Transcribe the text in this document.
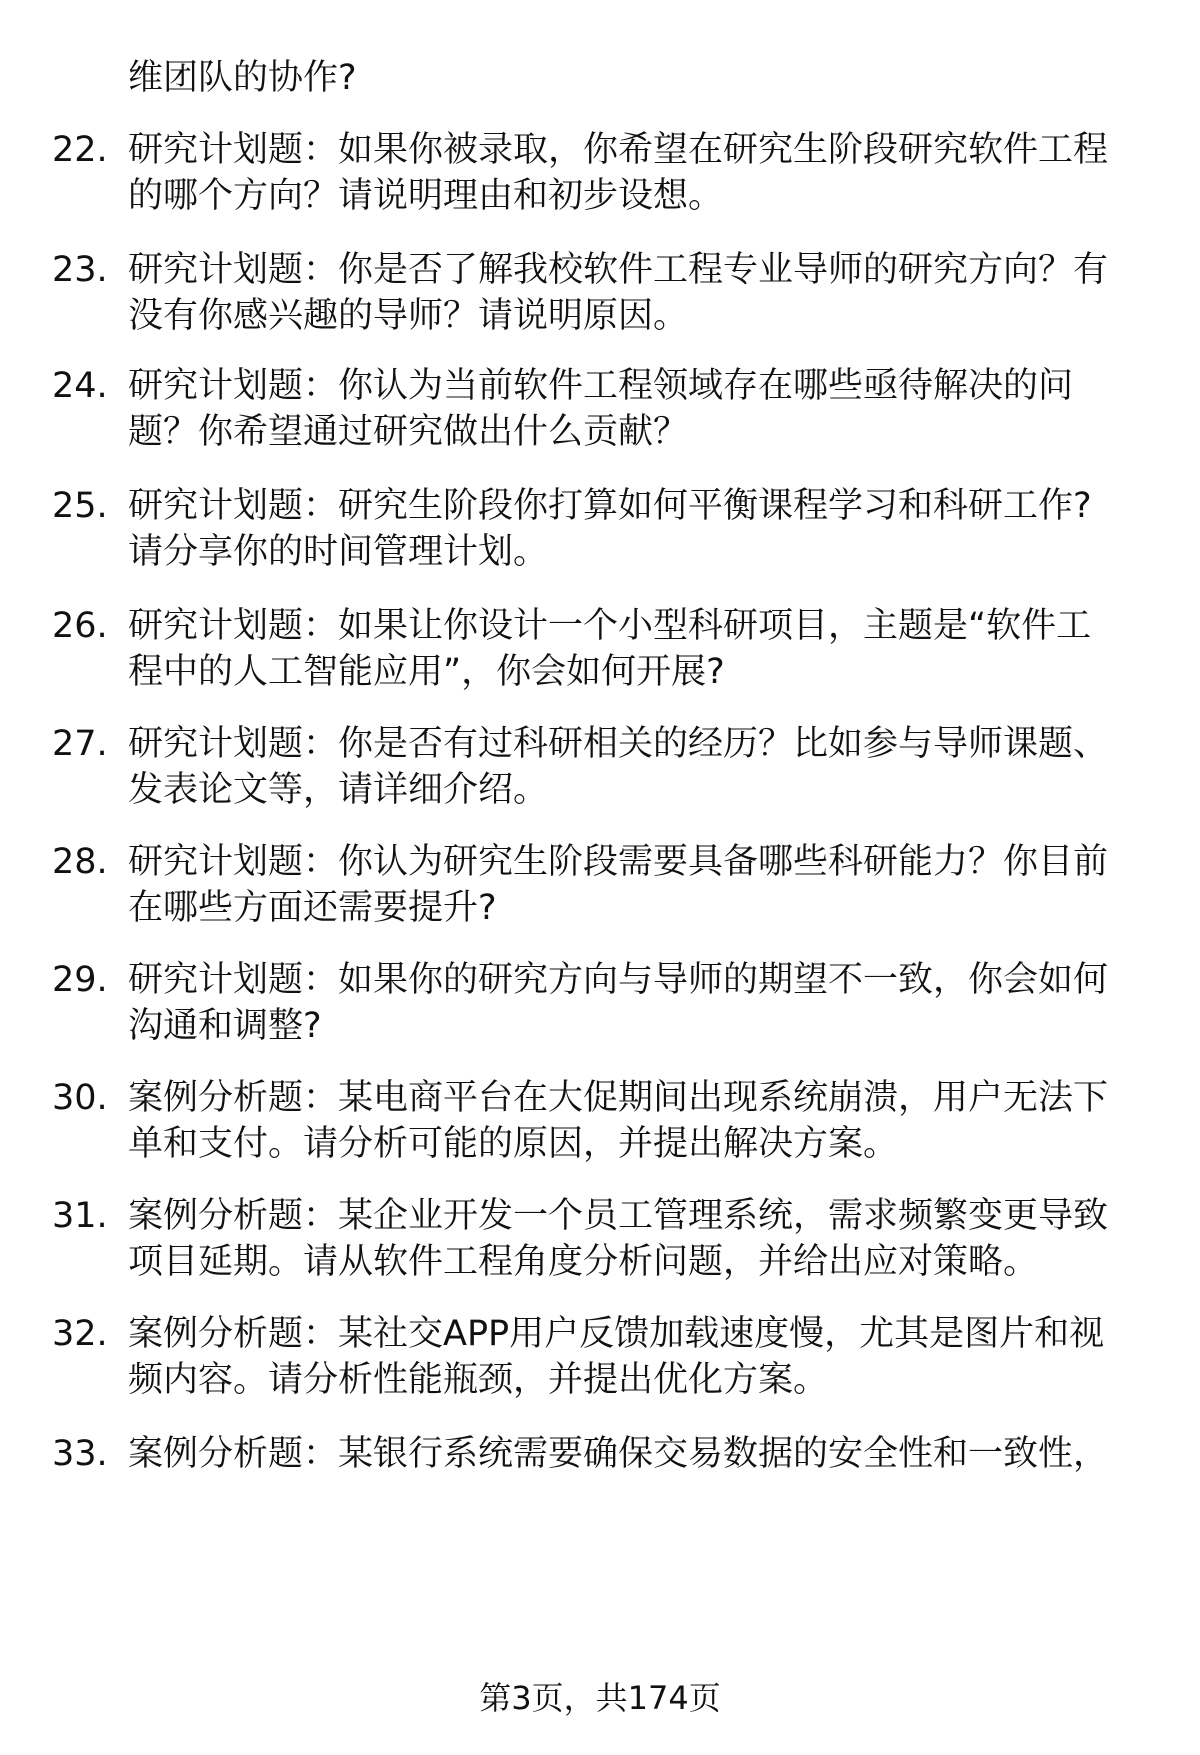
维团队的协作?
22. 研究计划题：如果你被录取，你希望在研究生阶段研究软件工程
的哪个方向？请说明理由和初步设想。
23. 研究计划题：你是否了解我校软件工程专业导师的研究方向？有
没有你感兴趣的导师？请说明原因。
24. 研究计划题：你认为当前软件工程领域存在哪些亟待解决的问
题？你希望通过研究做出什么贡献？
25. 研究计划题：研究生阶段你打算如何平衡课程学习和科研工作?
请分享你的时间管理计划。
26. 研究计划题：如果让你设计一个小型科研项目，主题是“软件工
程中的人工智能应用”，你会如何开展?
27. 研究计划题：你是否有过科研相关的经历？比如参与导师课题、
发表论文等，请详细介绍。
28. 研究计划题：你认为研究生阶段需要具备哪些科研能力？你目前
在哪些方面还需要提升?
29. 研究计划题：如果你的研究方向与导师的期望不一致，你会如何
沟通和调整?
30. 案例分析题：某电商平台在大促期间出现系统崩溃，用户无法下
单和支付。请分析可能的原因，并提出解决方案。
31. 案例分析题：某企业开发一个员工管理系统，需求频繁变更导致
项目延期。请从软件工程角度分析问题，并给出应对策略。
32. 案例分析题：某社交APP用户反馈加载速度慢，尤其是图片和视
频内容。请分析性能瓶颈，并提出优化方案。
33. 案例分析题：某银行系统需要确保交易数据的安全性和一致性，
第3页，共174页
